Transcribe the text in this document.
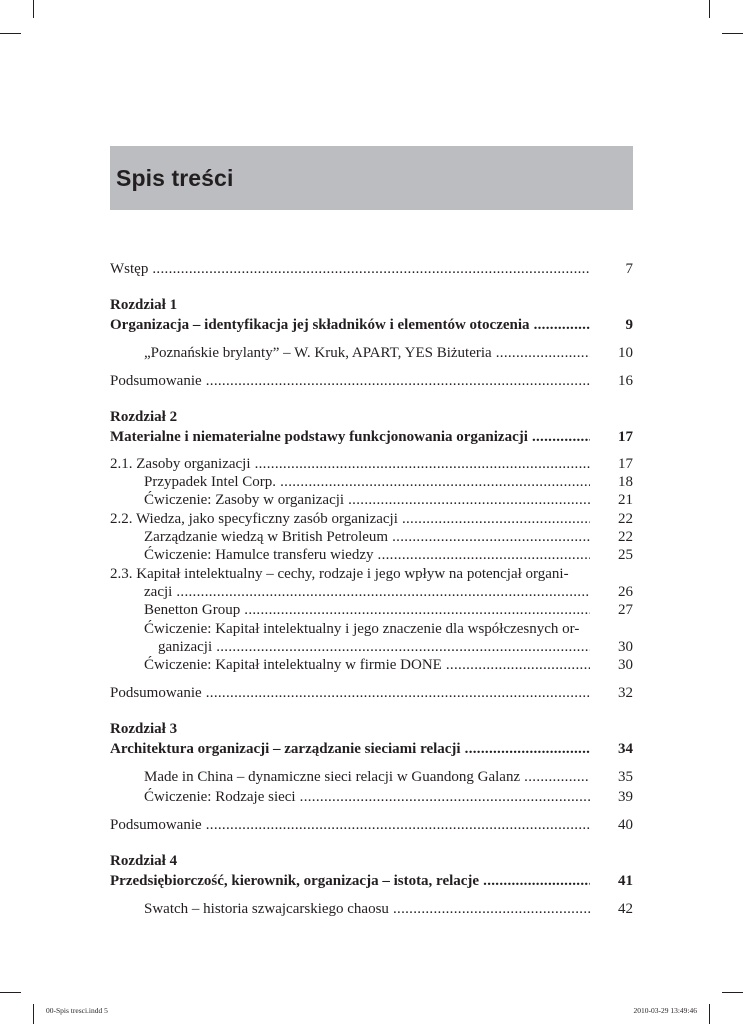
Spis treści
Wstęp .....	7
Rozdział 1
Organizacja – identyfikacja jej składników i elementów otoczenia .....	9
„Poznańskie brylanty” – W. Kruk, APART, YES Biżuteria .....	10
Podsumowanie .....	16
Rozdział 2
Materialne i niematerialne podstawy funkcjonowania organizacji .....	17
2.1. Zasoby organizacji .....	17
Przypadek Intel Corp. .....	18
Ćwiczenie: Zasoby w organizacji .....	21
2.2. Wiedza, jako specyficzny zasób organizacji .....	22
Zarządzanie wiedzą w British Petroleum .....	22
Ćwiczenie: Hamulce transferu wiedzy .....	25
2.3. Kapitał intelektualny – cechy, rodzaje i jego wpływ na potencjał organi-
zacji .....	26
Benetton Group .....	27
Ćwiczenie: Kapitał intelektualny i jego znaczenie dla współczesnych or-
ganizacji .....	30
Ćwiczenie: Kapitał intelektualny w firmie DONE .....	30
Podsumowanie .....	32
Rozdział 3
Architektura organizacji – zarządzanie sieciami relacji .....	34
Made in China – dynamiczne sieci relacji w Guandong Galanz .....	35
Ćwiczenie: Rodzaje sieci .....	39
Podsumowanie .....	40
Rozdział 4
Przedsiębiorczość, kierownik, organizacja – istota, relacje .....	41
Swatch – historia szwajcarskiego chaosu .....	42
00-Spis tresci.indd 5	2010-03-29 13:49:46
